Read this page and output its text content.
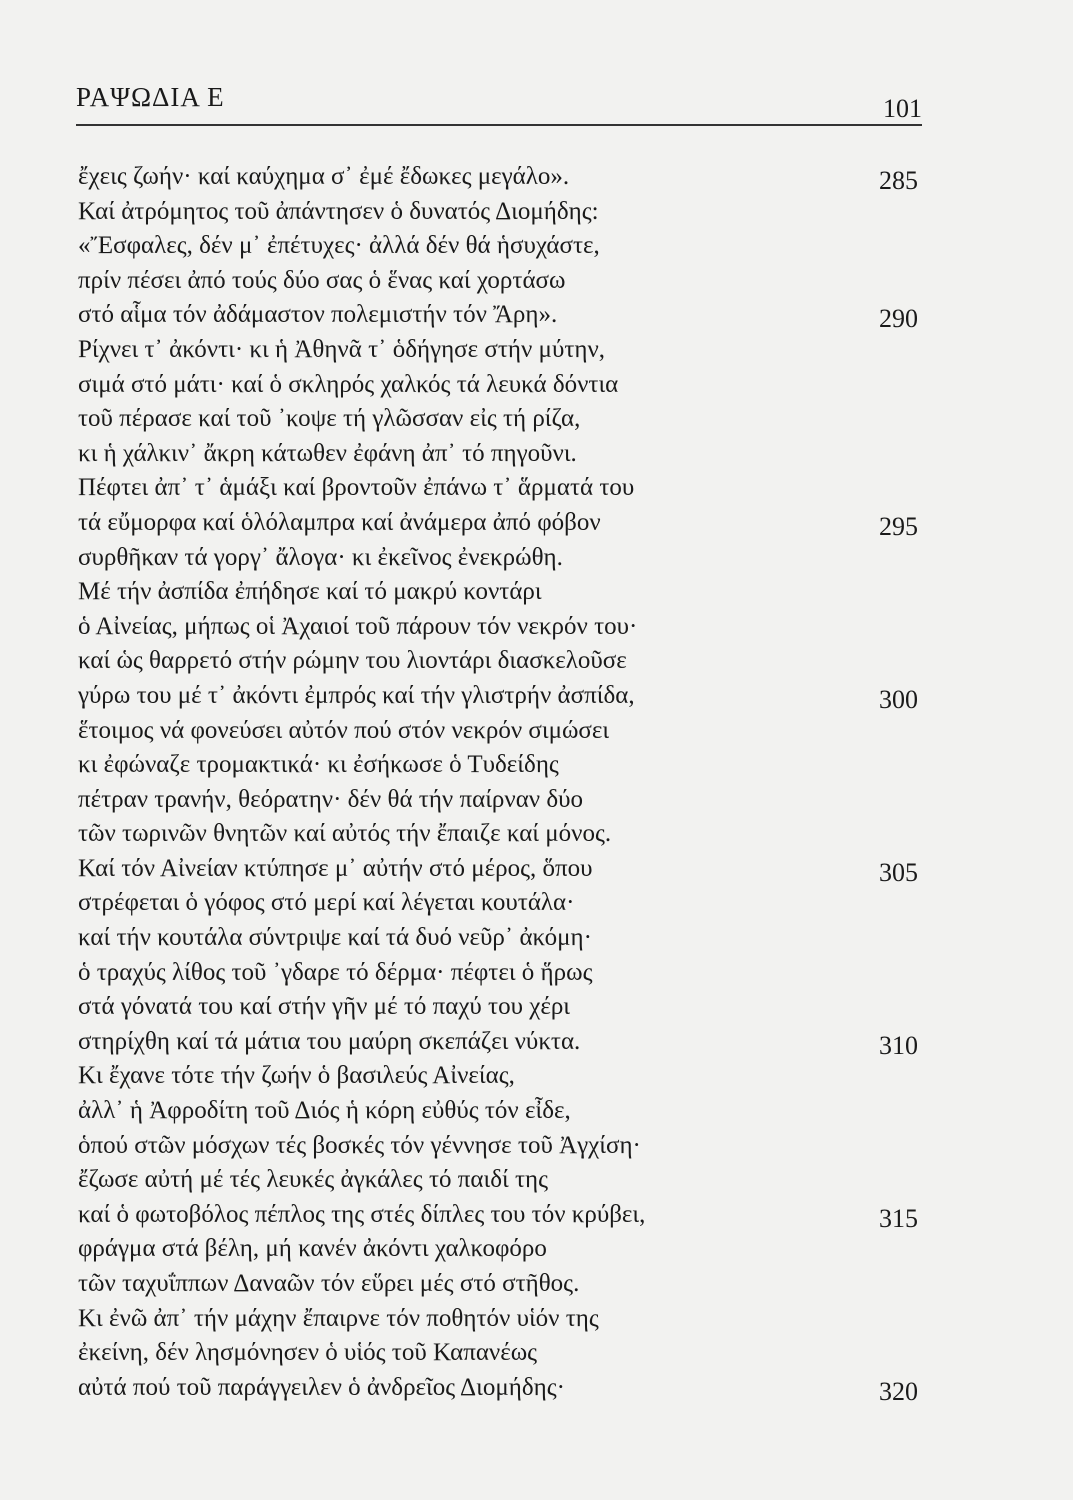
ΡΑΨΩΔΙΑ Ε	101
ἔχεις ζωήν· καί καύχημα σ᾿ ἐμέ ἔδωκες μεγάλο».	285
Καί ἀτρόμητος τοῦ ἀπάντησεν ὁ δυνατός Διομήδης:
«Ἔσφαλες, δέν μ᾿ ἐπέτυχες· ἀλλά δέν θά ἡσυχάστε,
πρίν πέσει ἀπό τούς δύο σας ὁ ἕνας καί χορτάσω
στό αἷμα τόν ἀδάμαστον πολεμιστήν τόν Ἄρη».	290
Ρίχνει τ᾿ ἀκόντι· κι ἡ Ἀθηνᾶ τ᾿ ὁδήγησε στήν μύτην,
σιμά στό μάτι· καί ὁ σκληρός χαλκός τά λευκά δόντια
τοῦ πέρασε καί τοῦ ᾽κοψε τή γλῶσσαν εἰς τή ρίζα,
κι ἡ χάλκιν᾿ ἄκρη κάτωθεν ἐφάνη ἀπ᾿ τό πηγοῦνι.
Πέφτει ἀπ᾿ τ᾿ ἁμάξι καί βροντοῦν ἐπάνω τ᾿ ἅρματά του
τά εὔμορφα καί ὁλόλαμπρα καί ἀνάμερα ἀπό φόβον	295
συρθῆκαν τά γοργ᾿ ἄλογα· κι ἐκεῖνος ἐνεκρώθη.
Μέ τήν ἀσπίδα ἐπήδησε καί τό μακρύ κοντάρι
ὁ Αἰνείας, μήπως οἱ Ἀχαιοί τοῦ πάρουν τόν νεκρόν του·
καί ὡς θαρρετό στήν ρώμην του λιοντάρι διασκελοῦσε
γύρω του μέ τ᾿ ἀκόντι ἐμπρός καί τήν γλιστρήν ἀσπίδα,	300
ἕτοιμος νά φονεύσει αὐτόν πού στόν νεκρόν σιμώσει
κι ἐφώναζε τρομακτικά· κι ἐσήκωσε ὁ Τυδείδης
πέτραν τρανήν, θεόρατην· δέν θά τήν παίρναν δύο
τῶν τωρινῶν θνητῶν καί αὐτός τήν ἔπαιζε καί μόνος.
Καί τόν Αἰνείαν κτύπησε μ᾿ αὐτήν στό μέρος, ὅπου	305
στρέφεται ὁ γόφος στό μερί καί λέγεται κουτάλα·
καί τήν κουτάλα σύντριψε καί τά δυό νεῦρ᾿ ἀκόμη·
ὁ τραχύς λίθος τοῦ ᾽γδαρε τό δέρμα· πέφτει ὁ ἥρως
στά γόνατά του καί στήν γῆν μέ τό παχύ του χέρι
στηρίχθη καί τά μάτια του μαύρη σκεπάζει νύκτα.	310
Κι ἔχανε τότε τήν ζωήν ὁ βασιλεύς Αἰνείας,
ἀλλ᾿ ἡ Ἀφροδίτη τοῦ Διός ἡ κόρη εὐθύς τόν εἶδε,
ὁπού στῶν μόσχων τές βοσκές τόν γέννησε τοῦ Ἀγχίση·
ἔζωσε αὐτή μέ τές λευκές ἀγκάλες τό παιδί της
καί ὁ φωτοβόλος πέπλος της στές δίπλες του τόν κρύβει,	315
φράγμα στά βέλη, μή κανέν ἀκόντι χαλκοφόρο
τῶν ταχυΐππων Δαναῶν τόν εὕρει μές στό στῆθος.
Κι ἐνῶ ἀπ᾿ τήν μάχην ἔπαιρνε τόν ποθητόν υἱόν της
ἐκείνη, δέν λησμόνησεν ὁ υἱός τοῦ Καπανέως
αὐτά πού τοῦ παράγγειλεν ὁ ἀνδρεῖος Διομήδης·	320
